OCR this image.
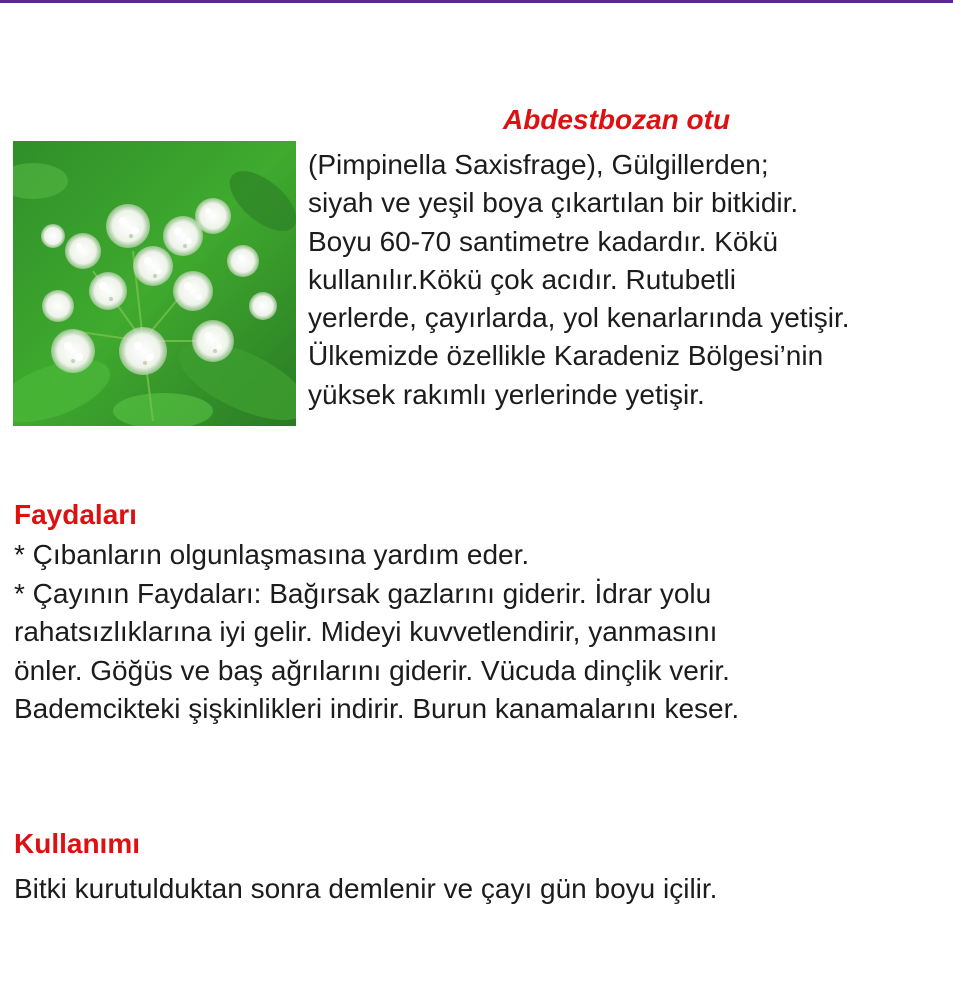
Abdestbozan otu
(Pimpinella Saxisfrage), Gülgillerden;
siyah ve yeşil boya çıkartılan bir bitkidir.
Boyu 60-70 santimetre kadardır. Kökü
kullanılır.Kökü çok acıdır. Rutubetli
yerlerde, çayırlarda, yol kenarlarında yetişir.
Ülkemizde özellikle Karadeniz Bölgesi’nin
yüksek rakımlı yerlerinde yetişir.
Faydaları
* Çıbanların olgunlaşmasına yardım eder.
* Çayının Faydaları: Bağırsak gazlarını giderir. İdrar yolu
rahatsızlıklarına iyi gelir. Mideyi kuvvetlendirir, yanmasını
önler. Göğüs ve baş ağrılarını giderir. Vücuda dinçlik verir.
Bademcikteki şişkinlikleri indirir. Burun kanamalarını keser.
Kullanımı
Bitki kurutulduktan sonra demlenir ve çayı gün boyu içilir.
